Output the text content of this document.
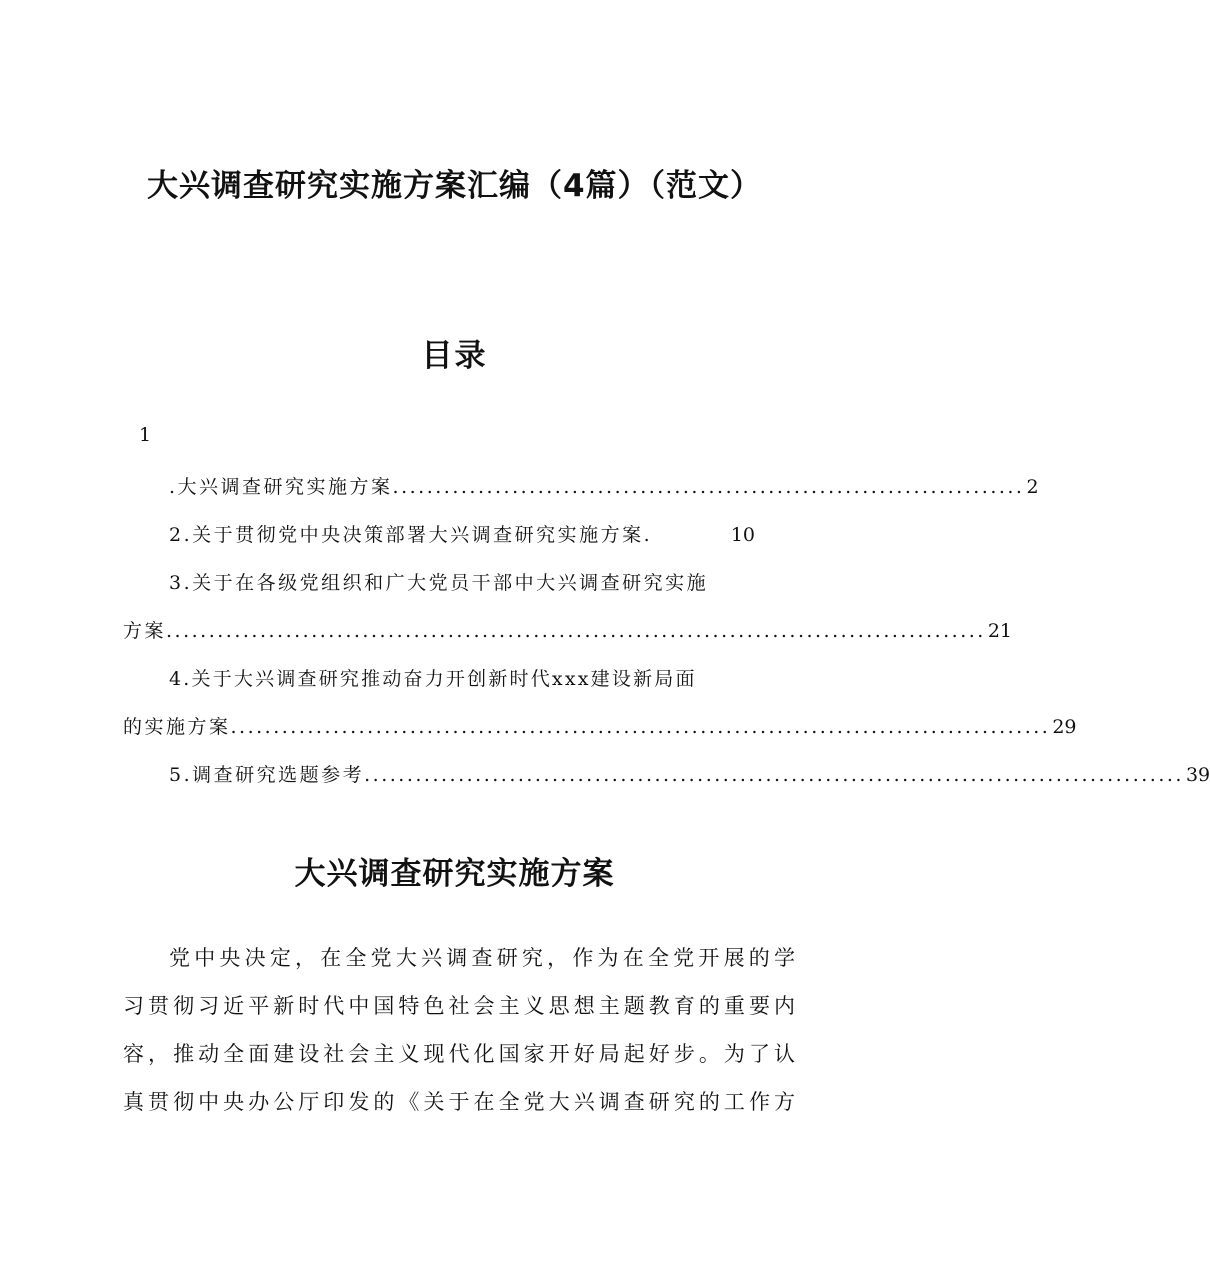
大兴调查研究实施方案汇编（4篇）（范文）
目录
1
.大兴调查研究实施方案 .......................................................................... 2
2.关于贯彻党中央决策部署大兴调查研究实施方案.	10
3.关于在各级党组织和广大党员干部中大兴调查研究实施
方案 ................................................................................................ 21
4.关于大兴调查研究推动奋力开创新时代xxx建设新局面
的实施方案 ................................................................................................ 29
5.调查研究选题参考 ................................................................................................ 39
大兴调查研究实施方案
党中央决定，在全党大兴调查研究，作为在全党开展的学
习贯彻习近平新时代中国特色社会主义思想主题教育的重要内
容，推动全面建设社会主义现代化国家开好局起好步。为了认
真贯彻中央办公厅印发的《关于在全党大兴调查研究的工作方
